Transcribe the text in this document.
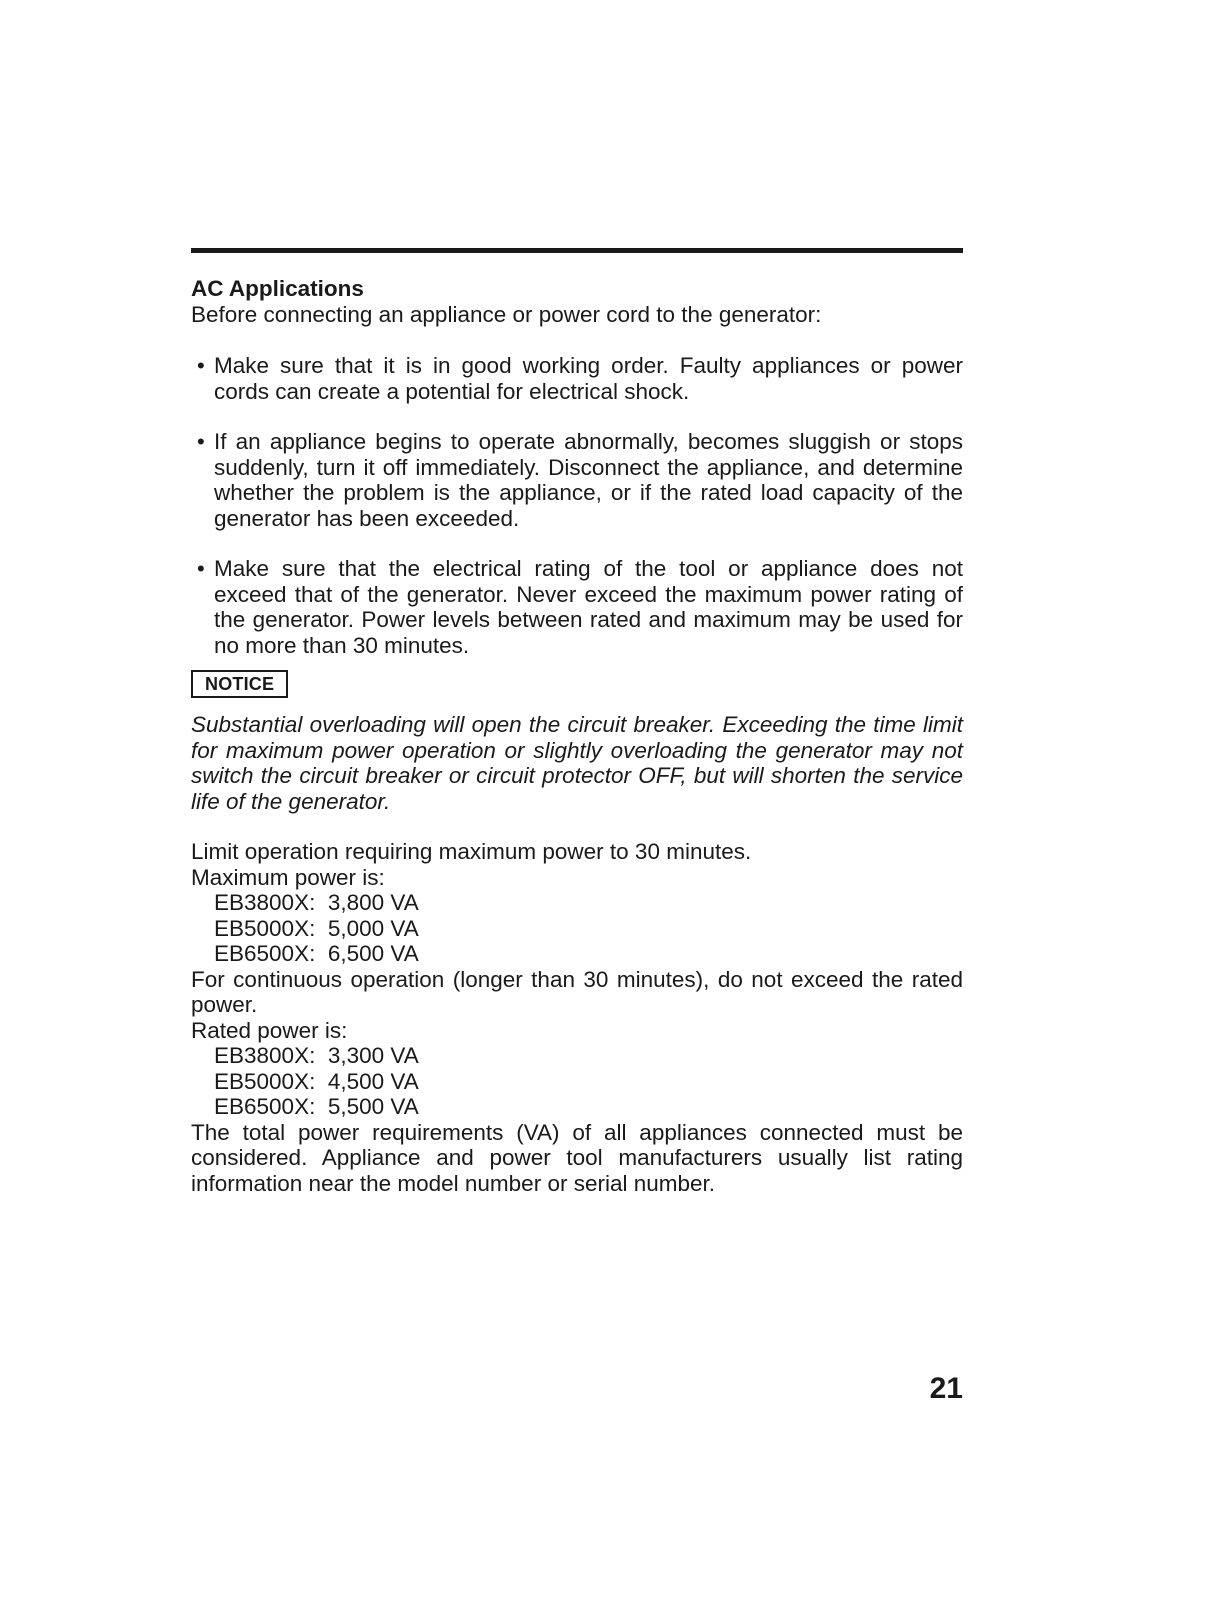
AC Applications

Before connecting an appliance or power cord to the generator:

• Make sure that it is in good working order. Faulty appliances or power cords can create a potential for electrical shock.
• If an appliance begins to operate abnormally, becomes sluggish or stops suddenly, turn it off immediately. Disconnect the appliance, and determine whether the problem is the appliance, or if the rated load capacity of the generator has been exceeded.
• Make sure that the electrical rating of the tool or appliance does not exceed that of the generator. Never exceed the maximum power rating of the generator. Power levels between rated and maximum may be used for no more than 30 minutes.
NOTICE

Substantial overloading will open the circuit breaker. Exceeding the time limit for maximum power operation or slightly overloading the generator may not switch the circuit breaker or circuit protector OFF, but will shorten the service life of the generator.

Limit operation requiring maximum power to 30 minutes.

Maximum power is:

EB3800X:  3,800 VA

EB5000X:  5,000 VA

EB6500X:  6,500 VA

For continuous operation (longer than 30 minutes), do not exceed the rated power.

Rated power is:

EB3800X:  3,300 VA

EB5000X:  4,500 VA

EB6500X:  5,500 VA

The total power requirements (VA) of all appliances connected must be considered. Appliance and power tool manufacturers usually list rating information near the model number or serial number.

21
